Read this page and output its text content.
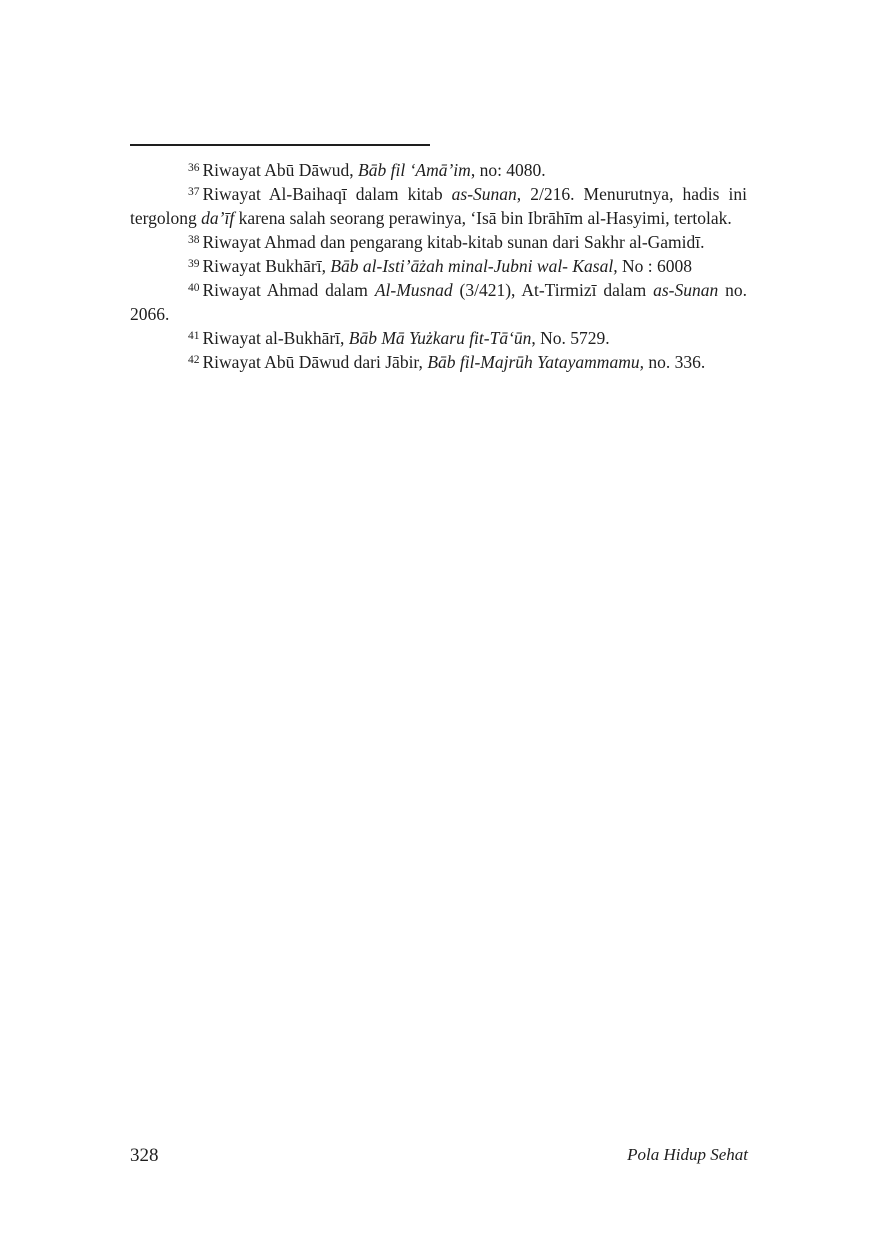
$^{36}$ Riwayat Abū Dāwud, Bāb fil ‘Amā’im, no: 4080.

$^{37}$ Riwayat Al-Baihaqī dalam kitab as-Sunan, 2/216. Menurutnya, hadis ini tergolong da’īf karena salah seorang perawinya, ‘Isā bin Ibrāhīm al-Hasyimi, tertolak.

$^{38}$ Riwayat Ahmad dan pengarang kitab-kitab sunan dari Sakhr al-Gamidī.

$^{39}$ Riwayat Bukhārī, Bāb al-Isti’āżah minal-Jubni wal- Kasal, No : 6008

$^{40}$ Riwayat Ahmad dalam Al-Musnad (3/421), At-Tirmizī dalam as-Sunan no. 2066.

$^{41}$ Riwayat al-Bukhārī, Bāb Mā Yużkaru fit-Tā‘ūn, No. 5729.

$^{42}$ Riwayat Abū Dāwud dari Jābir, Bāb fil-Majrūh Yatayammamu, no. 336.

328	Pola Hidup Sehat
